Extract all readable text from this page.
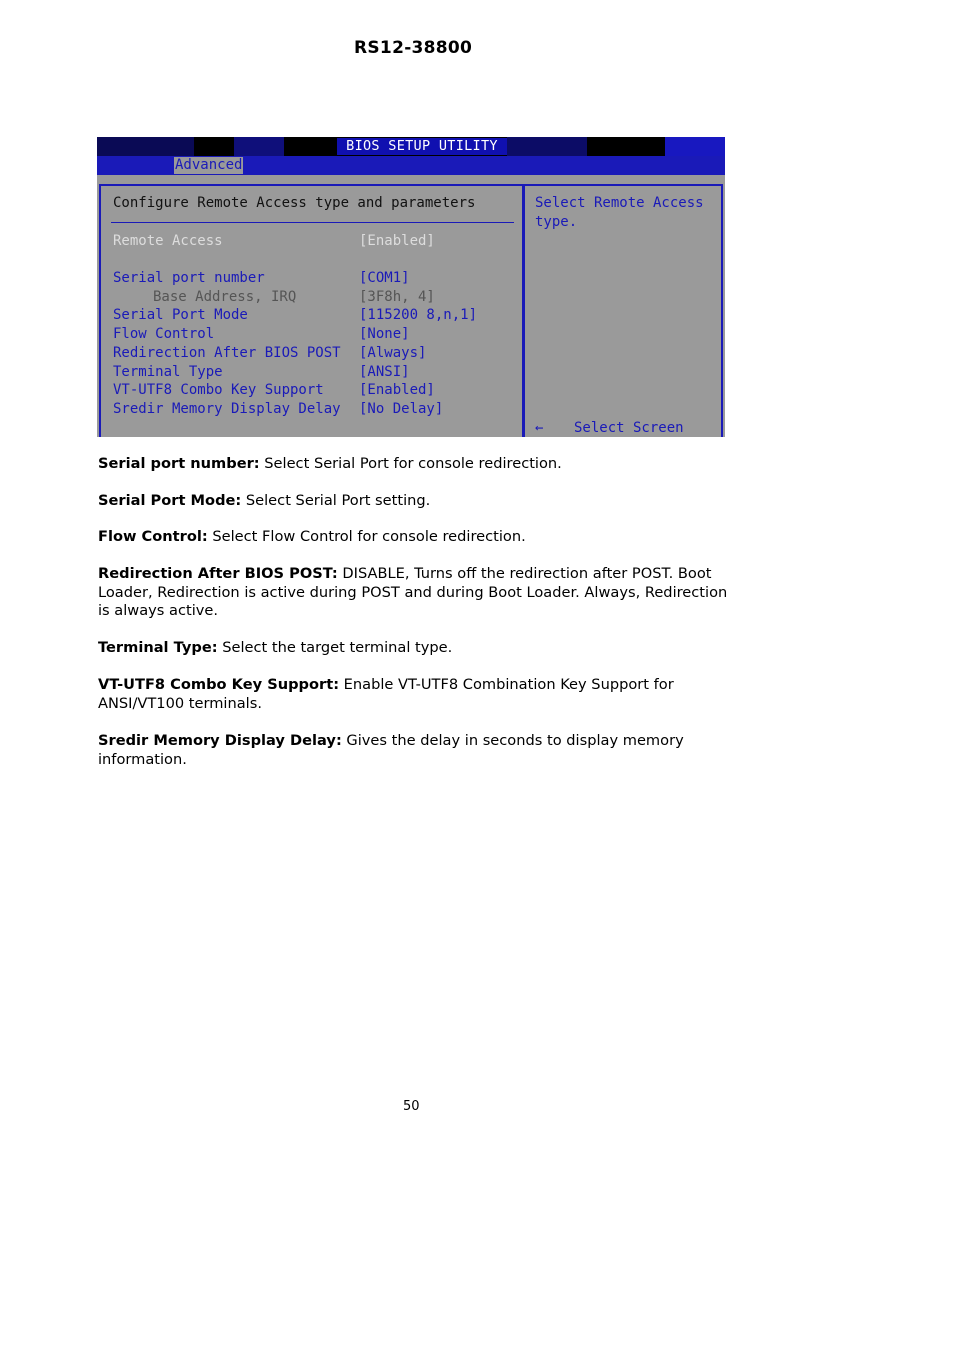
RS12-38800
BIOS SETUP UTILITY
Advanced
Configure Remote Access type and parameters
Remote Access	[Enabled]
Serial port number	[COM1]
Base Address, IRQ	[3F8h, 4]
Serial Port Mode	[115200 8,n,1]
Flow Control	[None]
Redirection After BIOS POST [Always]
Terminal Type	[ANSI]
VT-UTF8 Combo Key Support	[Enabled]
Sredir Memory Display Delay [No Delay]
Select Remote Access
type.
← Select Screen
Serial port number: Select Serial Port for console redirection.
Serial Port Mode: Select Serial Port setting.
Flow Control: Select Flow Control for console redirection.
Redirection After BIOS POST: DISABLE, Turns off the redirection after POST. Boot Loader, Redirection is active during POST and during Boot Loader. Always, Redirection is always active.
Terminal Type: Select the target terminal type.
VT-UTF8 Combo Key Support: Enable VT-UTF8 Combination Key Support for ANSI/VT100 terminals.
Sredir Memory Display Delay: Gives the delay in seconds to display memory information.
50
